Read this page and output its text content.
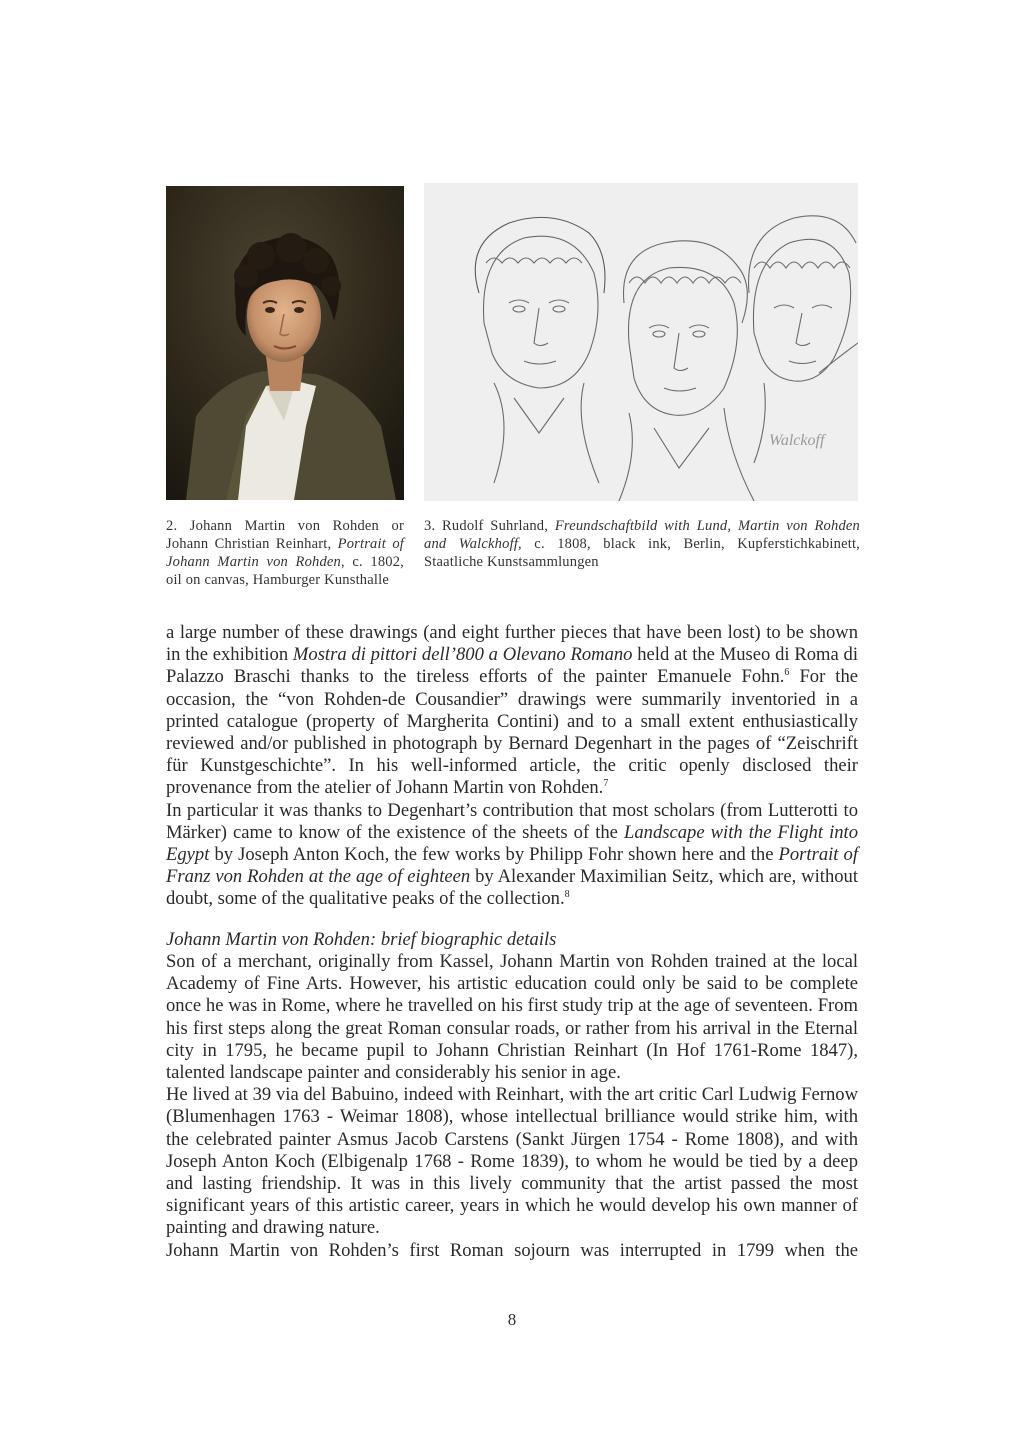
Walckoff

2. Johann Martin von Rohden or Johann Christian Reinhart, Portrait of Johann Martin von Rohden, c. 1802, oil on canvas, Hamburger Kunsthalle

3. Rudolf Suhrland, Freundschaftbild with Lund, Martin von Rohden and Walckhoff, c. 1808, black ink, Berlin, Kupferstichkabinett, Staatliche Kunstsammlungen

a large number of these drawings (and eight further pieces that have been lost) to be shown in the exhibition Mostra di pittori dell’800 a Olevano Romano held at the Museo di Roma di Palazzo Braschi thanks to the tireless efforts of the painter Emanuele Fohn.$^6$ For the occasion, the “von Rohden-de Cousandier” drawings were summarily inventoried in a printed catalogue (property of Margherita Contini) and to a small extent enthusiastically reviewed and/or published in photograph by Bernard Degenhart in the pages of “Zeischrift für Kunstgeschichte”. In his well-informed article, the critic openly disclosed their provenance from the atelier of Johann Martin von Rohden.$^7$

In particular it was thanks to Degenhart’s contribution that most scholars (from Lutterotti to Märker) came to know of the existence of the sheets of the Landscape with the Flight into Egypt by Joseph Anton Koch, the few works by Philipp Fohr shown here and the Portrait of Franz von Rohden at the age of eighteen by Alexander Maximilian Seitz, which are, without doubt, some of the qualitative peaks of the collection.$^8$

Johann Martin von Rohden: brief biographic details

Son of a merchant, originally from Kassel, Johann Martin von Rohden trained at the local Academy of Fine Arts. However, his artistic education could only be said to be complete once he was in Rome, where he travelled on his first study trip at the age of seventeen. From his first steps along the great Roman consular roads, or rather from his arrival in the Eternal city in 1795, he became pupil to Johann Christian Reinhart (In Hof 1761-Rome 1847), talented landscape painter and considerably his senior in age.

He lived at 39 via del Babuino, indeed with Reinhart, with the art critic Carl Ludwig Fernow (Blumenhagen 1763 - Weimar 1808), whose intellectual brilliance would strike him, with the celebrated painter Asmus Jacob Carstens (Sankt Jürgen 1754 - Rome 1808), and with Joseph Anton Koch (Elbigenalp 1768 - Rome 1839), to whom he would be tied by a deep and lasting friendship. It was in this lively community that the artist passed the most significant years of this artistic career, years in which he would develop his own manner of painting and drawing nature.

Johann Martin von Rohden’s first Roman sojourn was interrupted in 1799 when the

8
